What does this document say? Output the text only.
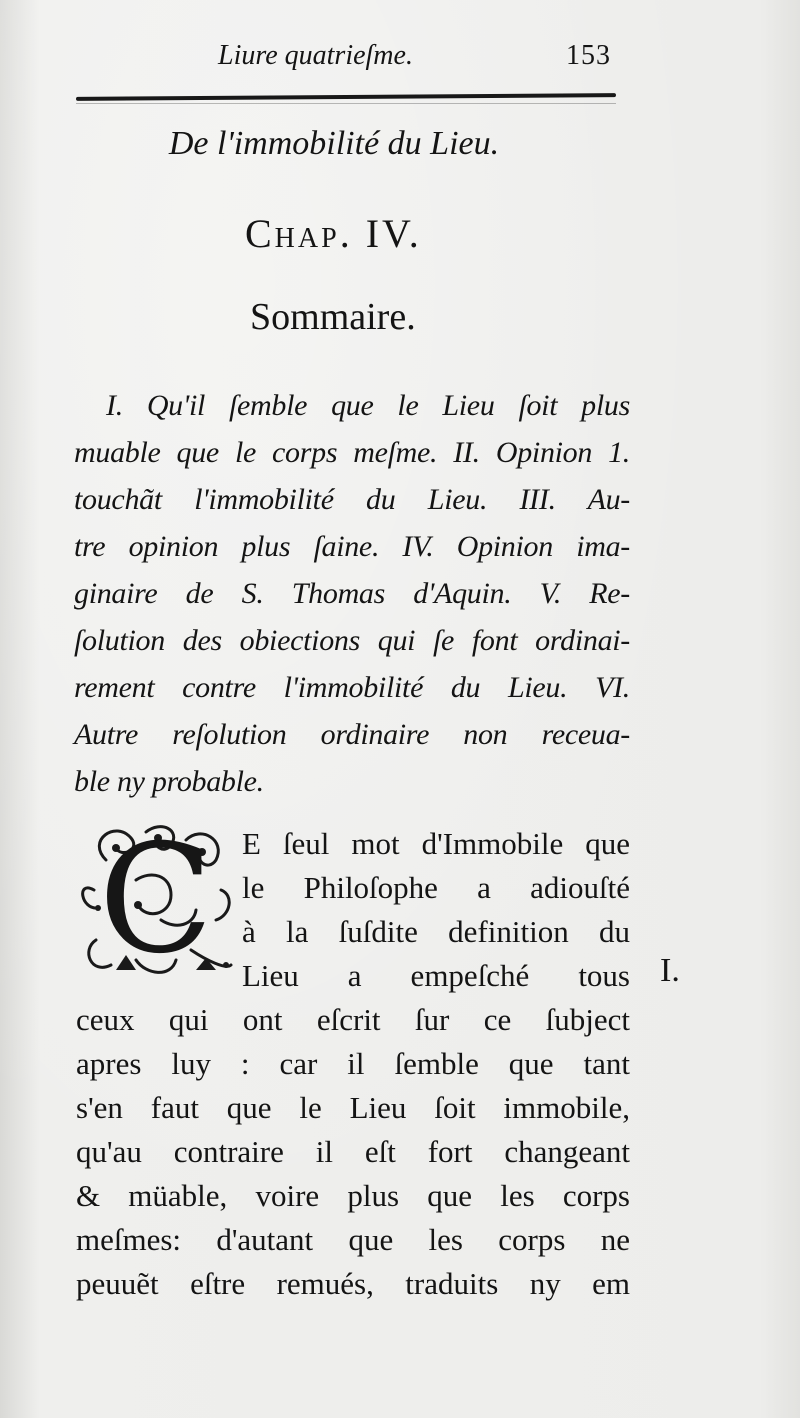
Liure quatrieſme.	153
De l'immobilité du Lieu.
Chap. IV.
Sommaire.
I. Qu'il ſemble que le Lieu ſoit plus
muable que le corps meſme. II. Opinion 1.
touchãt l'immobilité du Lieu. III. Au-
tre opinion plus ſaine. IV. Opinion ima-
ginaire de S. Thomas d'Aquin. V. Re-
ſolution des obiections qui ſe font ordinai-
rement contre l'immobilité du Lieu. VI.
Autre reſolution ordinaire non receua-
ble ny probable.
C E ſeul mot d'Immobile que
le Philoſophe a adiouſté
à la ſuſdite definition du
Lieu a empeſché tous
ceux qui ont eſcrit ſur ce ſubject
apres luy : car il ſemble que tant
s'en faut que le Lieu ſoit immobile,
qu'au contraire il eſt fort changeant
& müable, voire plus que les corps
meſmes: d'autant que les corps ne
peuuẽt eſtre remués, traduits ny em
I.
